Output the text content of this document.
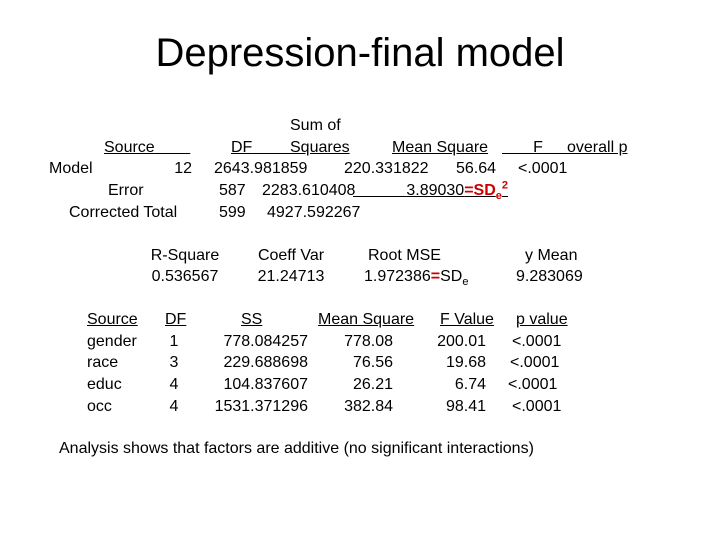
Depression-final model
Sum of
Source	DF	Squares	Mean Square	F	overall p
Model	12 2643.981859 220.331822 56.64 <.0001
Error	587 2283.610408	$3.89030=SD_e^2$
Corrected Total	599 4927.592267
R-Square	Coeff Var	Root MSE	y Mean
0.536567	21.24713	$1.972386=SD_e$	9.283069
Source DF	SS	Mean Square F Value p value
gender	1	778.084257	778.08	200.01 <.0001
race	3	229.688698	76.56	19.68 <.0001
educ	4	104.837607	26.21	6.74 <.0001
occ	4	1531.371296	382.84	98.41 <.0001
Analysis shows that factors are additive (no significant interactions)
